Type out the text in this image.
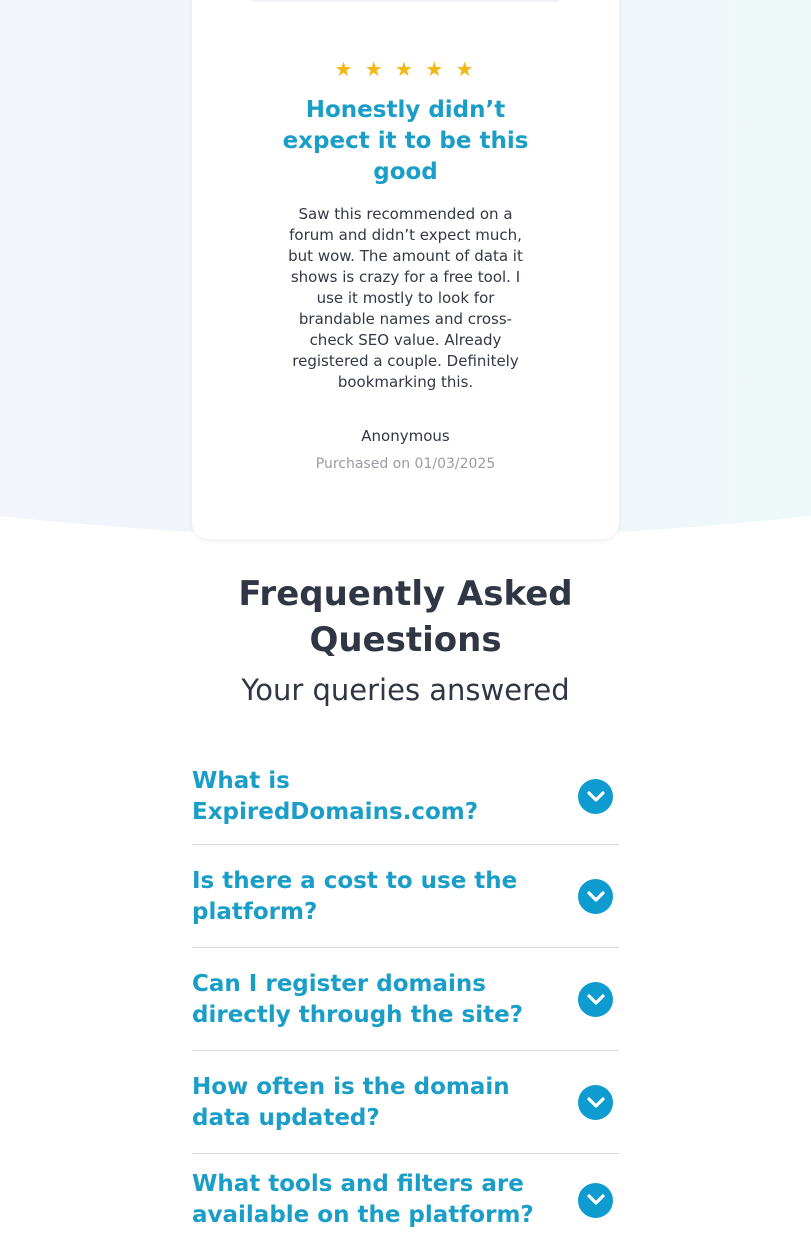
★ ★ ★ ★ ★
Honestly didn’t expect it to be this good

Saw this recommended on a forum and didn’t expect much, but wow. The amount of data it shows is crazy for a free tool. I use it mostly to look for brandable names and cross-check SEO value. Already registered a couple. Definitely bookmarking this.

Anonymous
Purchased on 01/03/2025
Frequently Asked Questions
Your queries answered
What is ExpiredDomains.com?
Is there a cost to use the platform?
Can I register domains directly through the site?
How often is the domain data updated?
What tools and filters are available on the platform?
